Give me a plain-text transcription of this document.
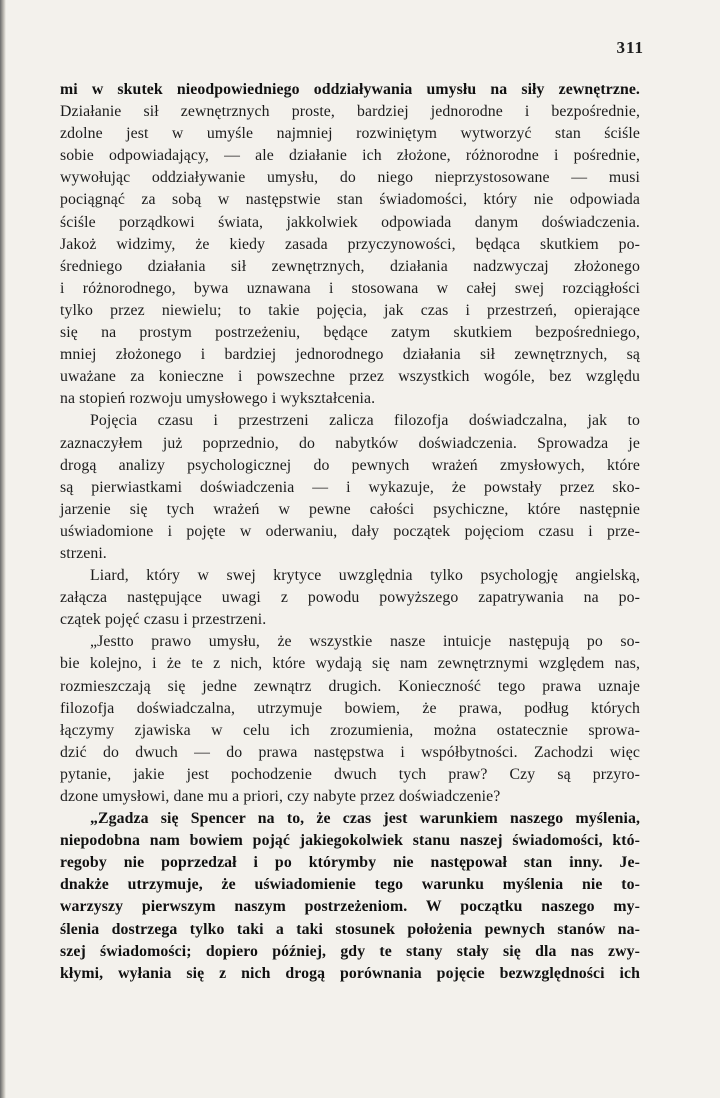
311
mi w skutek nieodpowiedniego oddziaływania umysłu na siły zewnętrzne.
Działanie sił zewnętrznych proste, bardziej jednorodne i bezpośrednie,
zdolne jest w umyśle najmniej rozwiniętym wytworzyć stan ściśle
sobie odpowiadający, — ale działanie ich złożone, różnorodne i pośrednie,
wywołując oddziaływanie umysłu, do niego nieprzystosowane — musi
pociągnąć za sobą w następstwie stan świadomości, który nie odpowiada
ściśle porządkowi świata, jakkolwiek odpowiada danym doświadczenia.
Jakoż widzimy, że kiedy zasada przyczynowości, będąca skutkiem po-
średniego działania sił zewnętrznych, działania nadzwyczaj złożonego
i różnorodnego, bywa uznawana i stosowana w całej swej rozciągłości
tylko przez niewielu; to takie pojęcia, jak czas i przestrzeń, opierające
się na prostym postrzeżeniu, będące zatym skutkiem bezpośredniego,
mniej złożonego i bardziej jednorodnego działania sił zewnętrznych, są
uważane za konieczne i powszechne przez wszystkich wogóle, bez względu
na stopień rozwoju umysłowego i wykształcenia.
Pojęcia czasu i przestrzeni zalicza filozofja doświadczalna, jak to
zaznaczyłem już poprzednio, do nabytków doświadczenia. Sprowadza je
drogą analizy psychologicznej do pewnych wrażeń zmysłowych, które
są pierwiastkami doświadczenia — i wykazuje, że powstały przez sko-
jarzenie się tych wrażeń w pewne całości psychiczne, które następnie
uświadomione i pojęte w oderwaniu, dały początek pojęciom czasu i prze-
strzeni.
Liard, który w swej krytyce uwzględnia tylko psychologję angielską,
załącza następujące uwagi z powodu powyższego zapatrywania na po-
czątek pojęć czasu i przestrzeni.
„Jestto prawo umysłu, że wszystkie nasze intuicje następują po so-
bie kolejno, i że te z nich, które wydają się nam zewnętrznymi względem nas,
rozmieszczają się jedne zewnątrz drugich. Konieczność tego prawa uznaje
filozofja doświadczalna, utrzymuje bowiem, że prawa, podług których
łączymy zjawiska w celu ich zrozumienia, można ostatecznie sprowa-
dzić do dwuch — do prawa następstwa i współbytności. Zachodzi więc
pytanie, jakie jest pochodzenie dwuch tych praw? Czy są przyro-
dzone umysłowi, dane mu a priori, czy nabyte przez doświadczenie?
„Zgadza się Spencer na to, że czas jest warunkiem naszego myślenia,
niepodobna nam bowiem pojąć jakiegokolwiek stanu naszej świadomości, któ-
regoby nie poprzedzał i po którymby nie następował stan inny. Je-
dnakże utrzymuje, że uświadomienie tego warunku myślenia nie to-
warzyszy pierwszym naszym postrzeżeniom. W początku naszego my-
ślenia dostrzega tylko taki a taki stosunek położenia pewnych stanów na-
szej świadomości; dopiero później, gdy te stany stały się dla nas zwy-
kłymi, wyłania się z nich drogą porównania pojęcie bezwzględności ich
